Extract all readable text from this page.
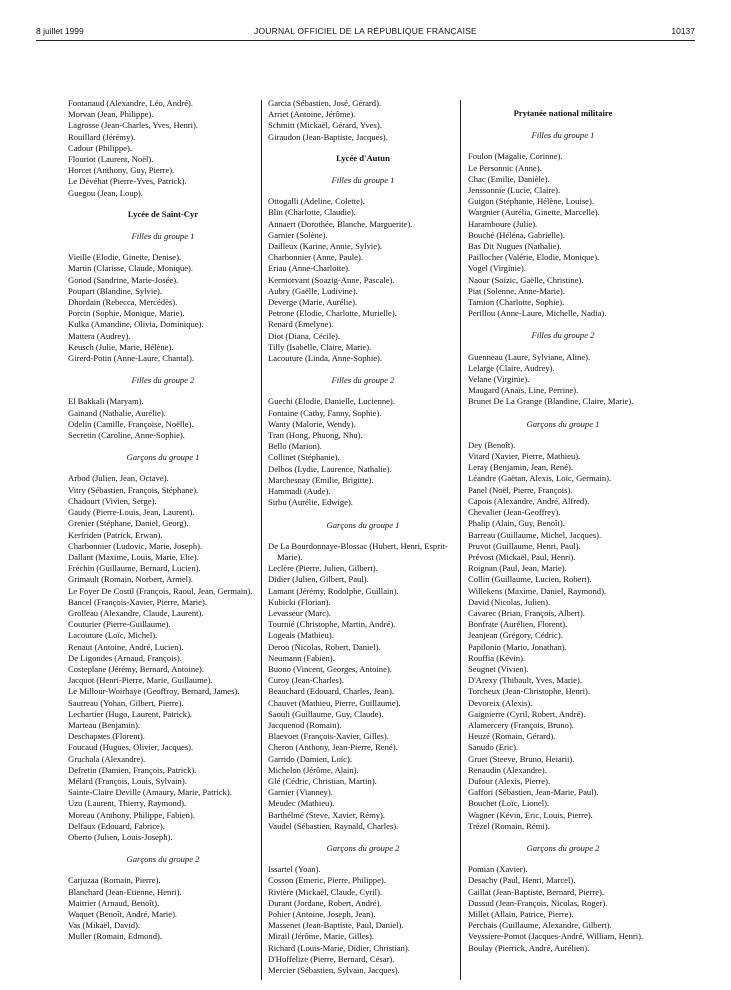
8 juillet 1999	JOURNAL OFFICIEL DE LA RÉPUBLIQUE FRANÇAISE	10137

Fontanaud (Alexandre, Léo, André).

Morvan (Jean, Philippe).

Lagrosse (Jean-Charles, Yves, Henri).

Rouillard (Jérémy).

Cadour (Philippe).

Flouriot (Laurent, Noël).

Horcet (Anthony, Guy, Pierre).

Le Dévéhat (Pierre-Yves, Patrick).

Guegou (Jean, Loup).

Lycée de Saint-Cyr
Filles du groupe 1

Vieille (Elodie, Ginette, Denise).

Martin (Clarisse, Claude, Monique).

Gonod (Sandrine, Marie-Josée).

Poupart (Blandine, Sylvie).

Dhordain (Rebecca, Mercédès).

Porcin (Sophie, Monique, Marie).

Kulka (Amandine, Olivia, Dominique).

Mattera (Audrey).

Keusch (Julie, Marie, Hélène).

Girerd-Potin (Anne-Laure, Chantal).

Filles du groupe 2

El Bakkali (Maryam).

Gainand (Nathalie, Aurélie).

Odelin (Camille, Françoise, Noëlle).

Secretin (Caroline, Anne-Sophie).

Garçons du groupe 1

Arbod (Julien, Jean, Octave).

Vitry (Sébastien, François, Stéphane).

Chadourt (Vivien, Serge).

Gaudy (Pierre-Louis, Jean, Laurent).

Grenier (Stéphane, Daniel, Georg).

Kerfriden (Patrick, Erwan).

Charbonnier (Ludovic, Marie, Joseph).

Dallant (Maxime, Louis, Marie, Elie).

Fréchin (Guillaume, Bernard, Lucien).

Grimault (Romain, Norbert, Armel).

Le Foyer De Costil (François, Raoul, Jean, Germain).

Bancel (François-Xavier, Pierre, Marie).

Grolleau (Alexandre, Claude, Laurent).

Couturier (Pierre-Guillaume).

Lacouture (Loïc, Michel).

Renaut (Antoine, André, Lucien).

De Ligondes (Arnaud, François).

Costeplane (Jérémy, Bernard, Antoine).

Jacquot (Henri-Pierre, Marie, Guillaume).

Le Millour-Woirhaye (Geoffroy, Bernard, James).

Sautreau (Yohan, Gilbert, Pierre).

Lechartier (Hugo, Laurent, Patrick).

Marteau (Benjamin).

Deschармes (Florent).

Foucaud (Hugues, Olivier, Jacques).

Gruchala (Alexandre).

Defretin (Damien, François, Patrick).

Mélard (François, Louis, Sylvain).

Sainte-Claire Deville (Amaury, Marie, Patrick).

Uzu (Laurent, Thierry, Raymond).

Moreau (Anthony, Philippe, Fabien).

Delfaux (Edouard, Fabrice).

Oberto (Julien, Louis-Joseph).

Garçons du groupe 2

Carjuzaa (Romain, Pierre).

Blanchard (Jean-Etienne, Henri).

Maitrier (Arnaud, Benoît).

Waquet (Benoît, André, Marie).

Vas (Mikaël, David).

Muller (Romain, Edmond).

Garcia (Sébastien, José, Gérard).

Arriet (Antoine, Jérôme).

Schmitt (Mickaël, Gérard, Yves).

Giraudon (Jean-Baptiste, Jacques).

Lycée d'Autun
Filles du groupe 1

Ottogalli (Adeline, Colette).

Blin (Charlotte, Claudie).

Annaert (Dorothée, Blanche, Marguerite).

Garnier (Solène).

Dailleux (Karine, Annie, Sylvie).

Charbonnier (Anne, Paule).

Eriau (Anne-Charlotte).

Kermorvant (Soazig-Anne, Pascale).

Aubry (Gaëlle, Ludivine).

Deverge (Marie, Aurélie).

Petrone (Elodie, Charlotte, Murielle).

Renard (Emelyne).

Diot (Diana, Cécile).

Tilly (Isabelle, Claire, Marie).

Lacouture (Linda, Anne-Sophie).

Filles du groupe 2

Guechi (Elodie, Danielle, Lucienne).

Fontaine (Cathy, Fanny, Sophie).

Wanty (Malorie, Wendy).

Tran (Hong, Phuong, Nhu).

Bello (Marion).

Collinet (Stéphanie).

Delbos (Lydie, Laurence, Nathalie).

Marchesnay (Emilie, Brigitte).

Hammadi (Aude).

Sirbu (Aurélie, Edwige).

Garçons du groupe 1

De La Bourdonnaye-Blossac (Hubert, Henri, Esprit-Marie).

Leclère (Pierre, Julien, Gilbert).

Didier (Julien, Gilbert, Paul).

Lamant (Jérémy, Rodolphe, Guillain).

Kubicki (Florian).

Levasseur (Marc).

Tournié (Christophe, Martin, André).

Logeais (Mathieu).

Deroo (Nicolas, Robert, Daniel).

Neumann (Fabien).

Buono (Vincent, Georges, Antoine).

Curoy (Jean-Charles).

Beauchard (Edouard, Charles, Jean).

Chauvet (Mathieu, Pierre, Guillaume).

Saouli (Guillaume, Guy, Claude).

Jacquenod (Romain).

Blaevoet (François-Xavier, Gilles).

Cheron (Anthony, Jean-Pierre, René).

Garrido (Damien, Loïc).

Michelon (Jérôme, Alain).

Glé (Cédric, Christian, Martin).

Garnier (Vianney).

Meudec (Mathieu).

Barthélmé (Steve, Xavier, Rémy).

Vaudel (Sébastien, Raynald, Charles).

Garçons du groupe 2

Issartel (Yoan).

Cosson (Emeric, Pierre, Philippe).

Rivière (Mickaël, Claude, Cyril).

Durant (Jordane, Robert, André).

Pohier (Antoine, Joseph, Jean).

Massenet (Jean-Baptiste, Paul, Daniel).

Mirail (Jérôme, Marie, Gilles).

Richard (Louis-Marie, Didier, Christian).

D'Hoffelize (Pierre, Bernard, César).

Mercier (Sébastien, Sylvain, Jacques).

Prytanée national militaire
Filles du groupe 1

Foulon (Magalie, Corinne).

Le Personnic (Anne).

Chac (Emilie, Danièle).

Jenssonnie (Lucie, Claire).

Guigon (Stéphanie, Hélène, Louise).

Wargnier (Aurélia, Ginette, Marcelle).

Haramboure (Julie).

Bouché (Héléna, Gabrielle).

Bas Dit Nugues (Nathalie).

Paillocher (Valérie, Elodie, Monique).

Vogel (Virginie).

Naour (Soizic, Gaëlle, Christine).

Piat (Solenne, Anne-Marie).

Tamion (Charlotte, Sophie).

Perillou (Anne-Laure, Michelle, Nadia).

Filles du groupe 2

Guenneau (Laure, Sylviane, Aline).

Lelarge (Claire, Audrey).

Velane (Virginie).

Maugard (Anaïs, Line, Perrine).

Brunet De La Grange (Blandine, Claire, Marie).

Garçons du groupe 1

Dey (Benoît).

Vitard (Xavier, Pierre, Mathieu).

Leray (Benjamin, Jean, René).

Léandre (Gaëtan, Alexis, Loïc, Germain).

Panel (Noël, Pierre, François).

Capois (Alexandre, André, Alfred).

Chevalier (Jean-Geoffrey).

Phalip (Alain, Guy, Benoît).

Barreau (Guillaume, Michel, Jacques).

Pruvot (Guillaume, Henri, Paul).

Prévost (Mickaël, Paul, Henri).

Roignan (Paul, Jean, Marie).

Collin (Guillaume, Lucien, Robert).

Willekens (Maxime, Daniel, Raymond).

David (Nicolas, Julien).

Cavarec (Brian, François, Albert).

Bonfrate (Aurélien, Florent).

Jeanjean (Grégory, Cédric).

Papilonio (Mario, Jonathan).

Rouffia (Kévin).

Seugnet (Vivien).

D'Arexy (Thibault, Yves, Marie).

Torcheux (Jean-Christophe, Henri).

Devoreix (Alexis).

Gaignierre (Cyril, Robert, André).

Alamercery (François, Bruno).

Heuzé (Romain, Gérard).

Sanudo (Eric).

Gruet (Steeve, Bruno, Heiarii).

Renaudin (Alexandre).

Dufour (Alexis, Pierre).

Gaffori (Sébastien, Jean-Marie, Paul).

Bouchet (Loïc, Lionel).

Wagner (Kévin, Eric, Louis, Pierre).

Trézel (Romain, Rémi).

Garçons du groupe 2

Pomian (Xavier).

Desachy (Paul, Henri, Marcel).

Caillat (Jean-Baptiste, Bernard, Pierre).

Dussud (Jean-François, Nicolas, Roger).

Millet (Allain, Patrice, Pierre).

Perchais (Guillaume, Alexandre, Gilbert).

Veyssiere-Pomot (Jacques-André, William, Henri).

Boulay (Pierrick, André, Aurélien).
